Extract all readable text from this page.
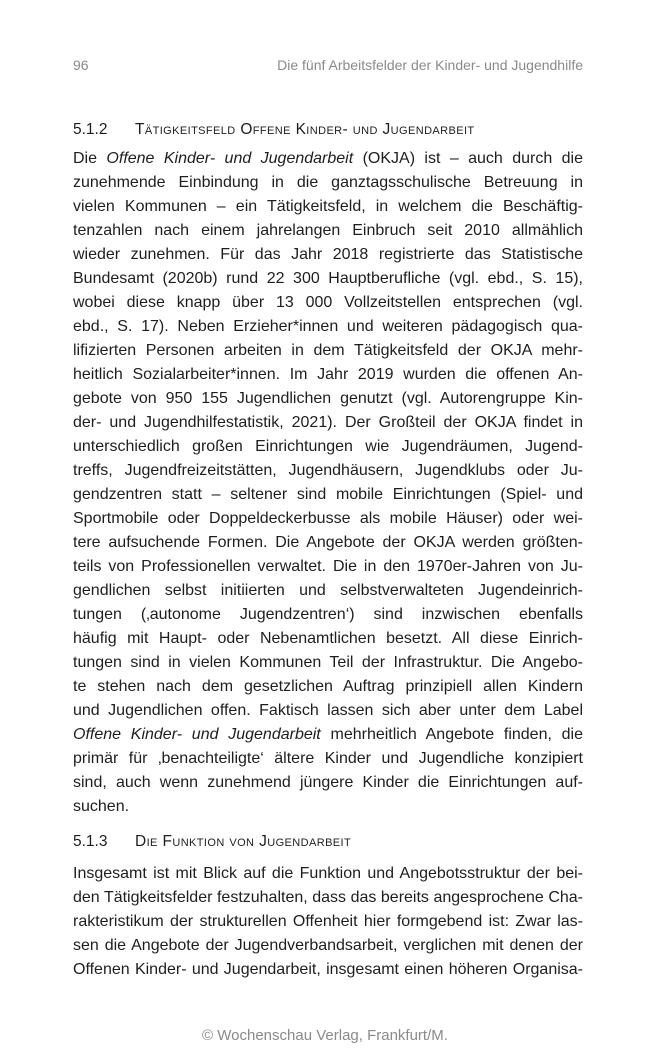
96	Die fünf Arbeitsfelder der Kinder- und Jugendhilfe
5.1.2 Tätigkeitsfeld Offene Kinder- und Jugendarbeit

Die Offene Kinder- und Jugendarbeit (OKJA) ist – auch durch die
zunehmende Einbindung in die ganztagsschulische Betreuung in
vielen Kommunen – ein Tätigkeitsfeld, in welchem die Beschäftig-
tenzahlen nach einem jahrelangen Einbruch seit 2010 allmählich
wieder zunehmen. Für das Jahr 2018 registrierte das Statistische
Bundesamt (2020b) rund 22 300 Hauptberufliche (vgl. ebd., S. 15),
wobei diese knapp über 13 000 Vollzeitstellen entsprechen (vgl.
ebd., S. 17). Neben Erzieher*innen und weiteren pädagogisch qua-
lifizierten Personen arbeiten in dem Tätigkeitsfeld der OKJA mehr-
heitlich Sozialarbeiter*innen. Im Jahr 2019 wurden die offenen An-
gebote von 950 155 Jugendlichen genutzt (vgl. Autorengruppe Kin-
der- und Jugendhilfestatistik, 2021). Der Großteil der OKJA findet in
unterschiedlich großen Einrichtungen wie Jugendräumen, Jugend-
treffs, Jugendfreizeitstätten, Jugendhäusern, Jugendklubs oder Ju-
gendzentren statt – seltener sind mobile Einrichtungen (Spiel- und
Sportmobile oder Doppeldeckerbusse als mobile Häuser) oder wei-
tere aufsuchende Formen. Die Angebote der OKJA werden größten-
teils von Professionellen verwaltet. Die in den 1970er-Jahren von Ju-
gendlichen selbst initiierten und selbstverwalteten Jugendeinrich-
tungen (‚autonome Jugendzentren‘) sind inzwischen ebenfalls
häufig mit Haupt- oder Nebenamtlichen besetzt. All diese Einrich-
tungen sind in vielen Kommunen Teil der Infrastruktur. Die Angebo-
te stehen nach dem gesetzlichen Auftrag prinzipiell allen Kindern
und Jugendlichen offen. Faktisch lassen sich aber unter dem Label
Offene Kinder- und Jugendarbeit mehrheitlich Angebote finden, die
primär für ‚benachteiligte‘ ältere Kinder und Jugendliche konzipiert
sind, auch wenn zunehmend jüngere Kinder die Einrichtungen auf-
suchen.

5.1.3 Die Funktion von Jugendarbeit

Insgesamt ist mit Blick auf die Funktion und Angebotsstruktur der bei-
den Tätigkeitsfelder festzuhalten, dass das bereits angesprochene Cha-
rakteristikum der strukturellen Offenheit hier formgebend ist: Zwar las-
sen die Angebote der Jugendverbandsarbeit, verglichen mit denen der
Offenen Kinder- und Jugendarbeit, insgesamt einen höheren Organisa-

© Wochenschau Verlag, Frankfurt/M.
